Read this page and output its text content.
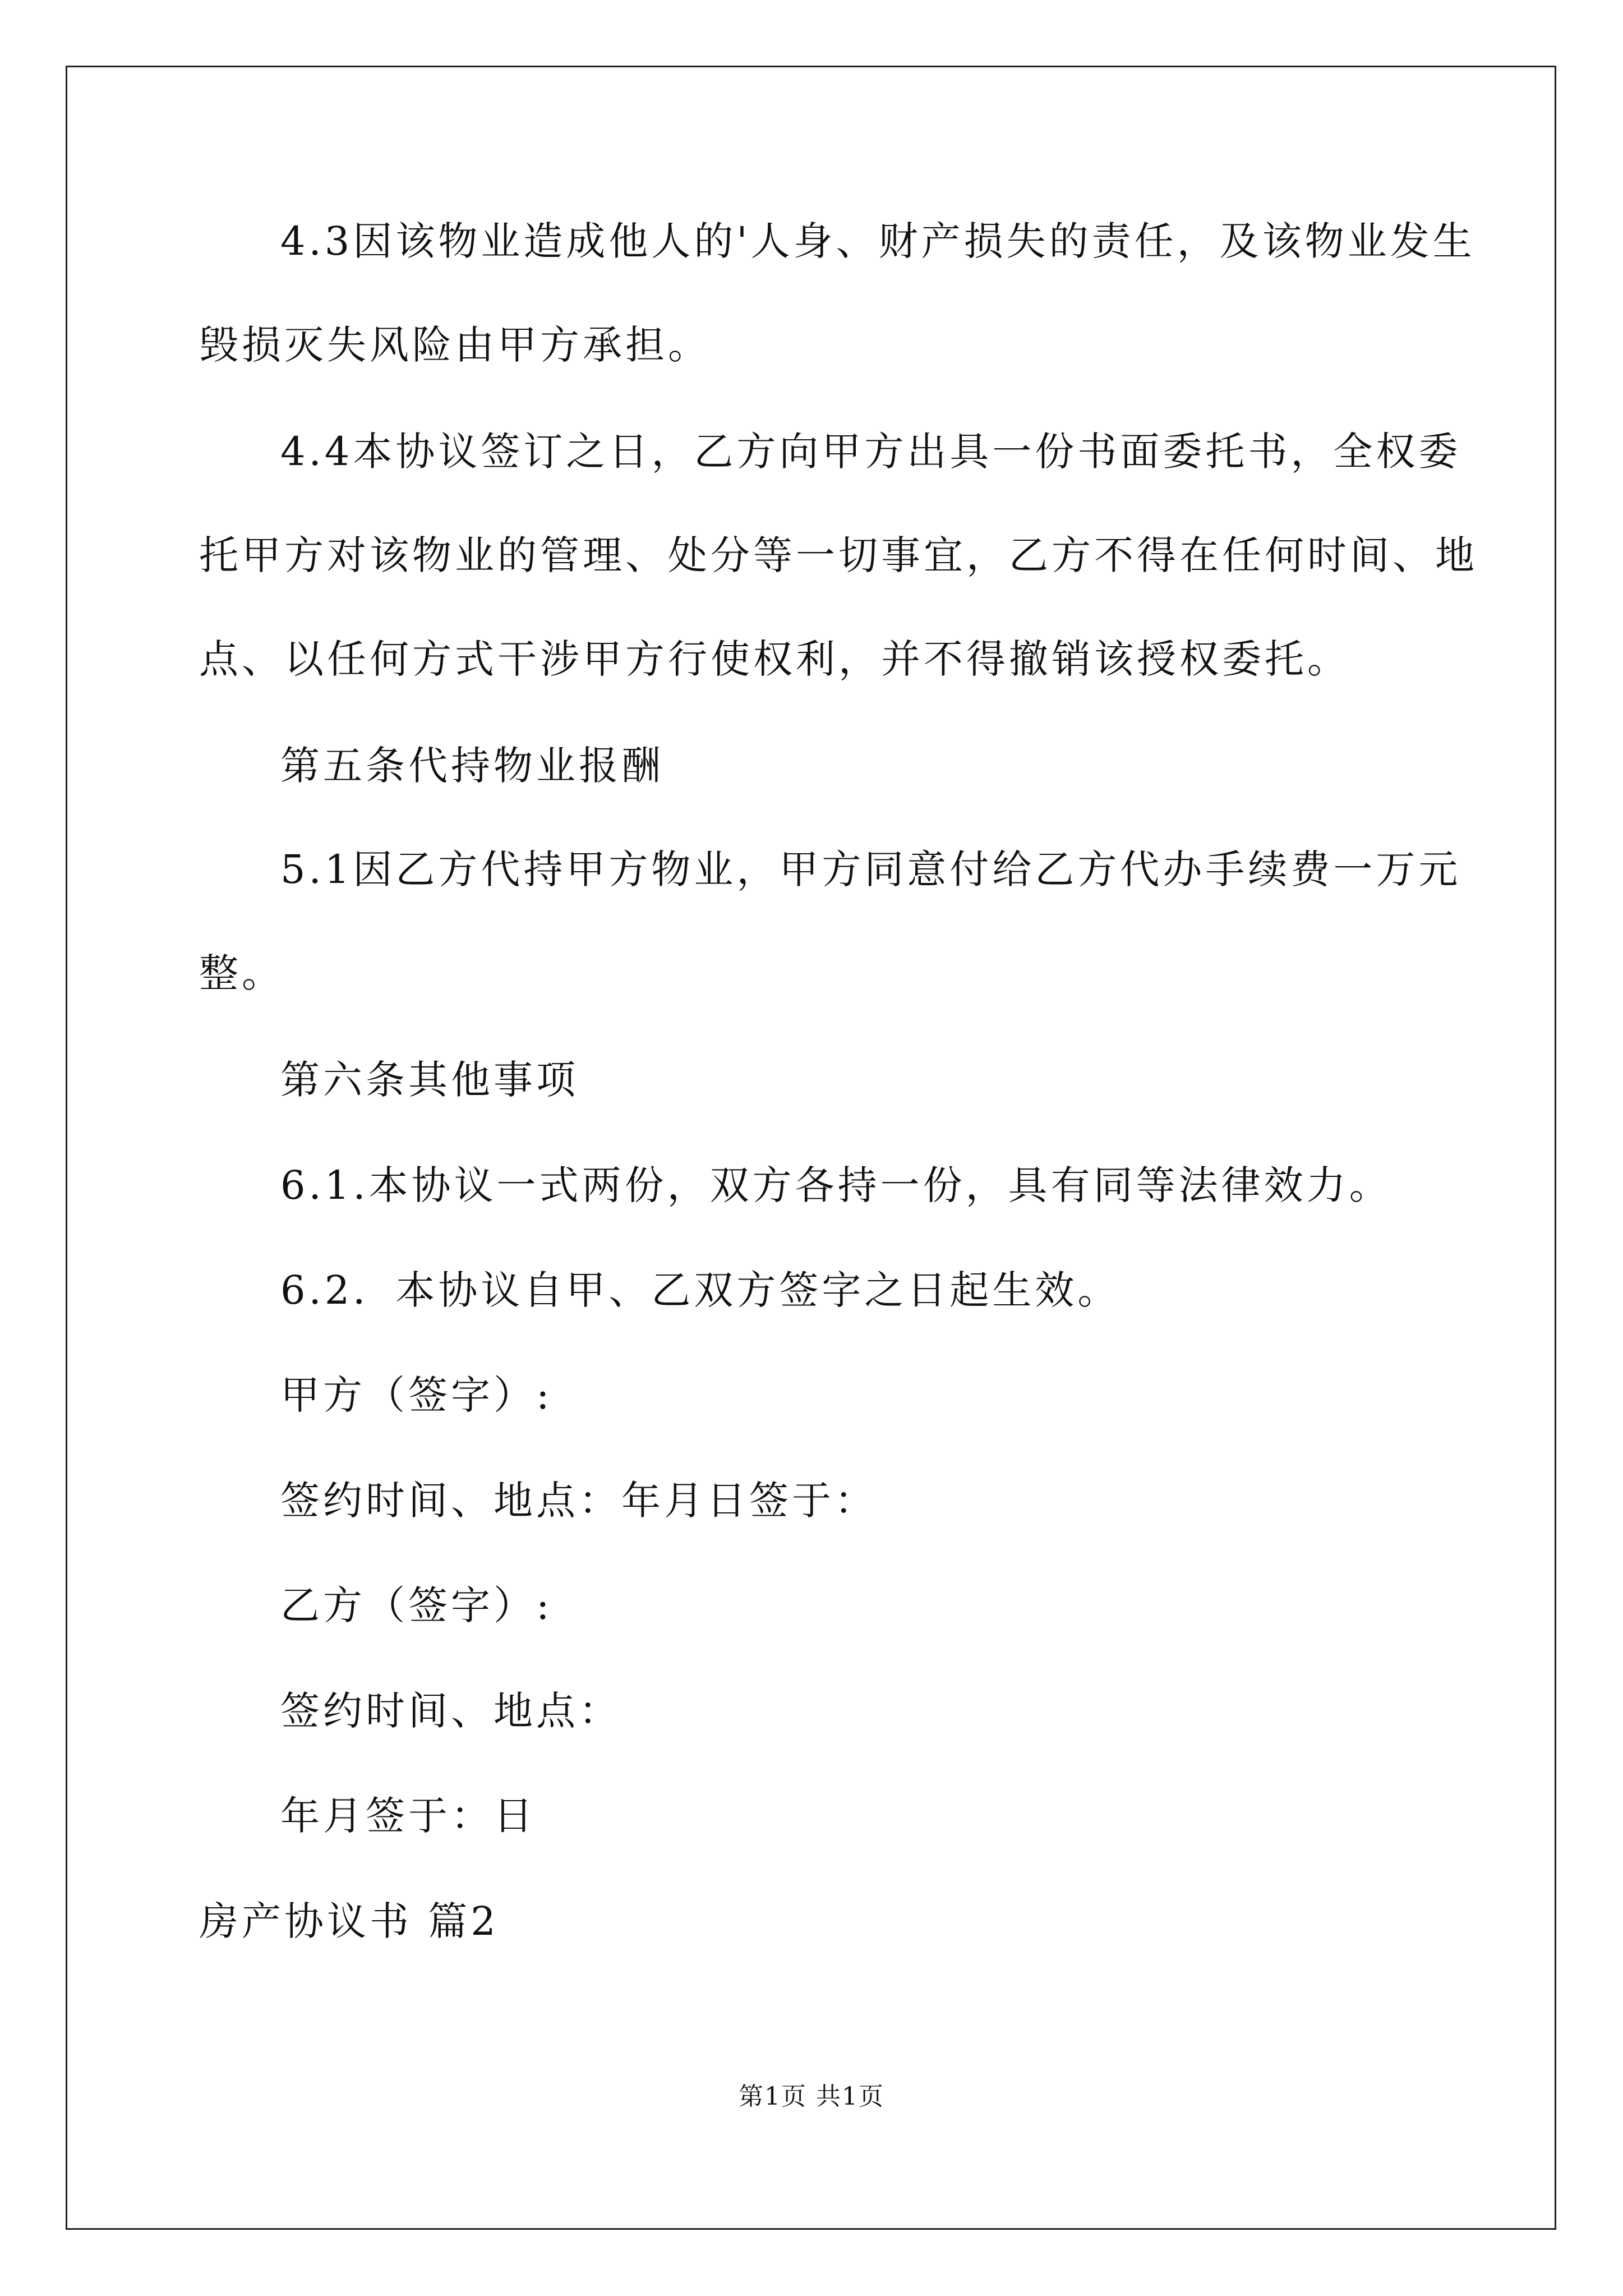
4.3因该物业造成他人的'人身、财产损失的责任，及该物业发生
毁损灭失风险由甲方承担。
4.4本协议签订之日，乙方向甲方出具一份书面委托书，全权委
托甲方对该物业的管理、处分等一切事宜，乙方不得在任何时间、地
点、以任何方式干涉甲方行使权利，并不得撤销该授权委托。
第五条代持物业报酬
5.1因乙方代持甲方物业，甲方同意付给乙方代办手续费一万元
整。
第六条其他事项
6.1.本协议一式两份，双方各持一份，具有同等法律效力。
6.2．本协议自甲、乙双方签字之日起生效。
甲方（签字）:
签约时间、地点：年月日签于：
乙方（签字）:
签约时间、地点：
年月签于：日
房产协议书 篇2
第1页 共1页
